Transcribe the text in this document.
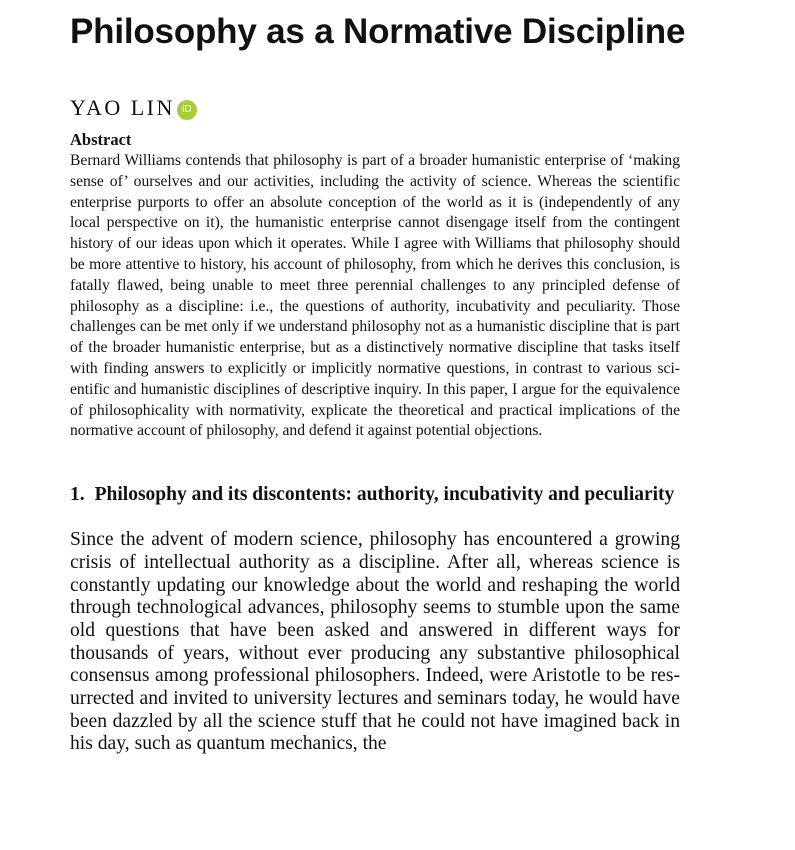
Philosophy as a Normative Discipline
YAO LIN iD
Abstract

Bernard Williams contends that philosophy is part of a broader humanistic enterprise of ‘making sense of’ ourselves and our activities, including the activity of science. Whereas the scientific enterprise purports to offer an absolute conception of the world as it is (independently of any local perspective on it), the humanistic enterprise cannot disengage itself from the contingent history of our ideas upon which it operates. While I agree with Williams that philosophy should be more attentive to history, his account of philosophy, from which he derives this conclusion, is fatally flawed, being unable to meet three perennial challenges to any principled defense of philosophy as a discipline: i.e., the questions of authority, incubativity and peculiarity. Those challenges can be met only if we understand philosophy not as a humanistic discipline that is part of the broader humanistic enterprise, but as a distinctively normative discipline that tasks itself with finding answers to explicitly or implicitly normative questions, in contrast to various scientific and humanistic disciplines of descriptive inquiry. In this paper, I argue for the equivalence of philosophicality with normativity, explicate the theoretical and practical implications of the normative account of philosophy, and defend it against potential objections.

1. Philosophy and its discontents: authority, incubativity and peculiarity

Since the advent of modern science, philosophy has encountered a growing crisis of intellectual authority as a discipline. After all, whereas science is constantly updating our knowledge about the world and reshaping the world through technological advances, philosophy seems to stumble upon the same old questions that have been asked and answered in different ways for thousands of years, without ever producing any substantive philosophical consensus among professional philosophers. Indeed, were Aristotle to be resurrected and invited to university lectures and seminars today, he would have been dazzled by all the science stuff that he could not have imagined back in his day, such as quantum mechanics, the
